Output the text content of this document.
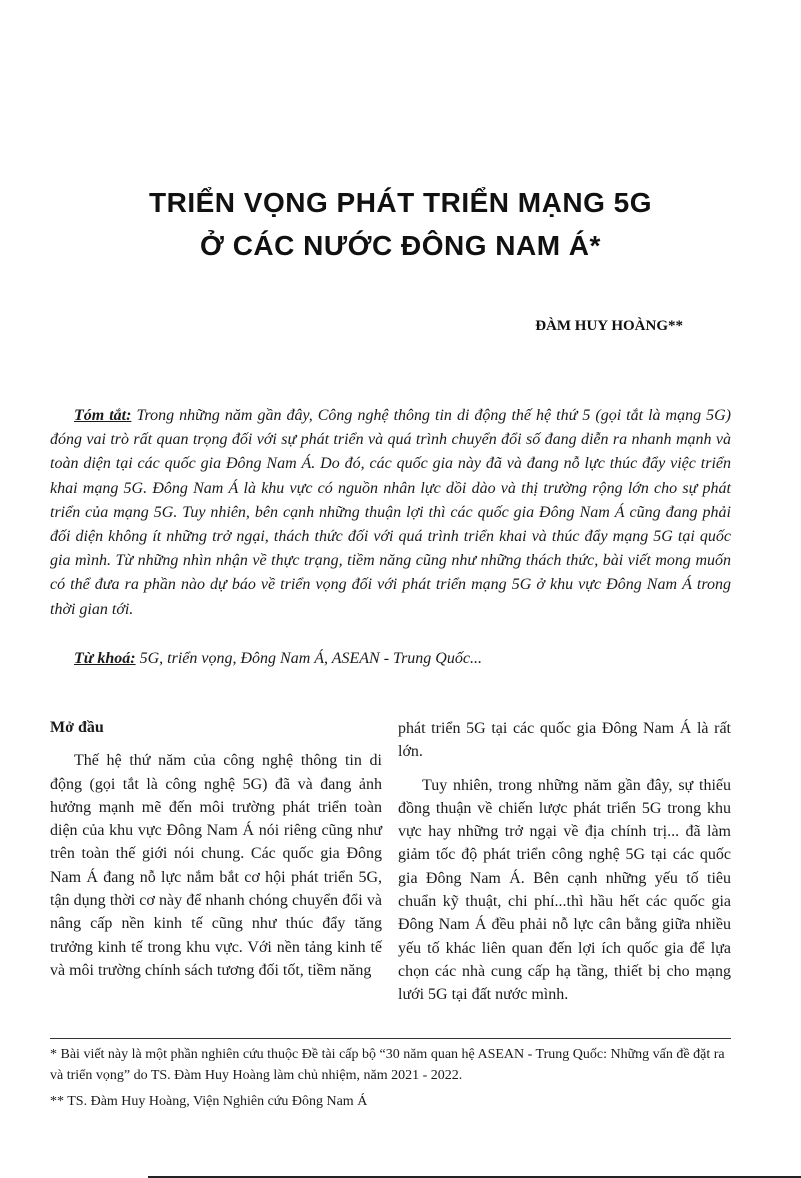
TRIỂN VỌNG PHÁT TRIỂN MẠNG 5G
Ở CÁC NƯỚC ĐÔNG NAM Á*
ĐÀM HUY HOÀNG**

Tóm tắt: Trong những năm gần đây, Công nghệ thông tin di động thế hệ thứ 5 (gọi tắt là mạng 5G) đóng vai trò rất quan trọng đối với sự phát triển và quá trình chuyển đổi số đang diễn ra nhanh mạnh và toàn diện tại các quốc gia Đông Nam Á. Do đó, các quốc gia này đã và đang nỗ lực thúc đẩy việc triển khai mạng 5G. Đông Nam Á là khu vực có nguồn nhân lực dồi dào và thị trường rộng lớn cho sự phát triển của mạng 5G. Tuy nhiên, bên cạnh những thuận lợi thì các quốc gia Đông Nam Á cũng đang phải đối diện không ít những trở ngại, thách thức đối với quá trình triển khai và thúc đẩy mạng 5G tại quốc gia mình. Từ những nhìn nhận về thực trạng, tiềm năng cũng như những thách thức, bài viết mong muốn có thể đưa ra phần nào dự báo về triển vọng đối với phát triển mạng 5G ở khu vực Đông Nam Á trong thời gian tới.

Từ khoá: 5G, triển vọng, Đông Nam Á, ASEAN - Trung Quốc...

Mở đầu

Thế hệ thứ năm của công nghệ thông tin di động (gọi tắt là công nghệ 5G) đã và đang ảnh hưởng mạnh mẽ đến môi trường phát triển toàn diện của khu vực Đông Nam Á nói riêng cũng như trên toàn thế giới nói chung. Các quốc gia Đông Nam Á đang nỗ lực nắm bắt cơ hội phát triển 5G, tận dụng thời cơ này để nhanh chóng chuyển đổi và nâng cấp nền kinh tế cũng như thúc đẩy tăng trưởng kinh tế trong khu vực. Với nền tảng kinh tế và môi trường chính sách tương đối tốt, tiềm năng

phát triển 5G tại các quốc gia Đông Nam Á là rất lớn.

Tuy nhiên, trong những năm gần đây, sự thiếu đồng thuận về chiến lược phát triển 5G trong khu vực hay những trở ngại về địa chính trị... đã làm giảm tốc độ phát triển công nghệ 5G tại các quốc gia Đông Nam Á. Bên cạnh những yếu tố tiêu chuẩn kỹ thuật, chi phí...thì hầu hết các quốc gia Đông Nam Á đều phải nỗ lực cân bằng giữa nhiều yếu tố khác liên quan đến lợi ích quốc gia để lựa chọn các nhà cung cấp hạ tầng, thiết bị cho mạng lưới 5G tại đất nước mình.

* Bài viết này là một phần nghiên cứu thuộc Đề tài cấp bộ “30 năm quan hệ ASEAN - Trung Quốc: Những vấn đề đặt ra và triển vọng” do TS. Đàm Huy Hoàng làm chủ nhiệm, năm 2021 - 2022.

** TS. Đàm Huy Hoàng, Viện Nghiên cứu Đông Nam Á
